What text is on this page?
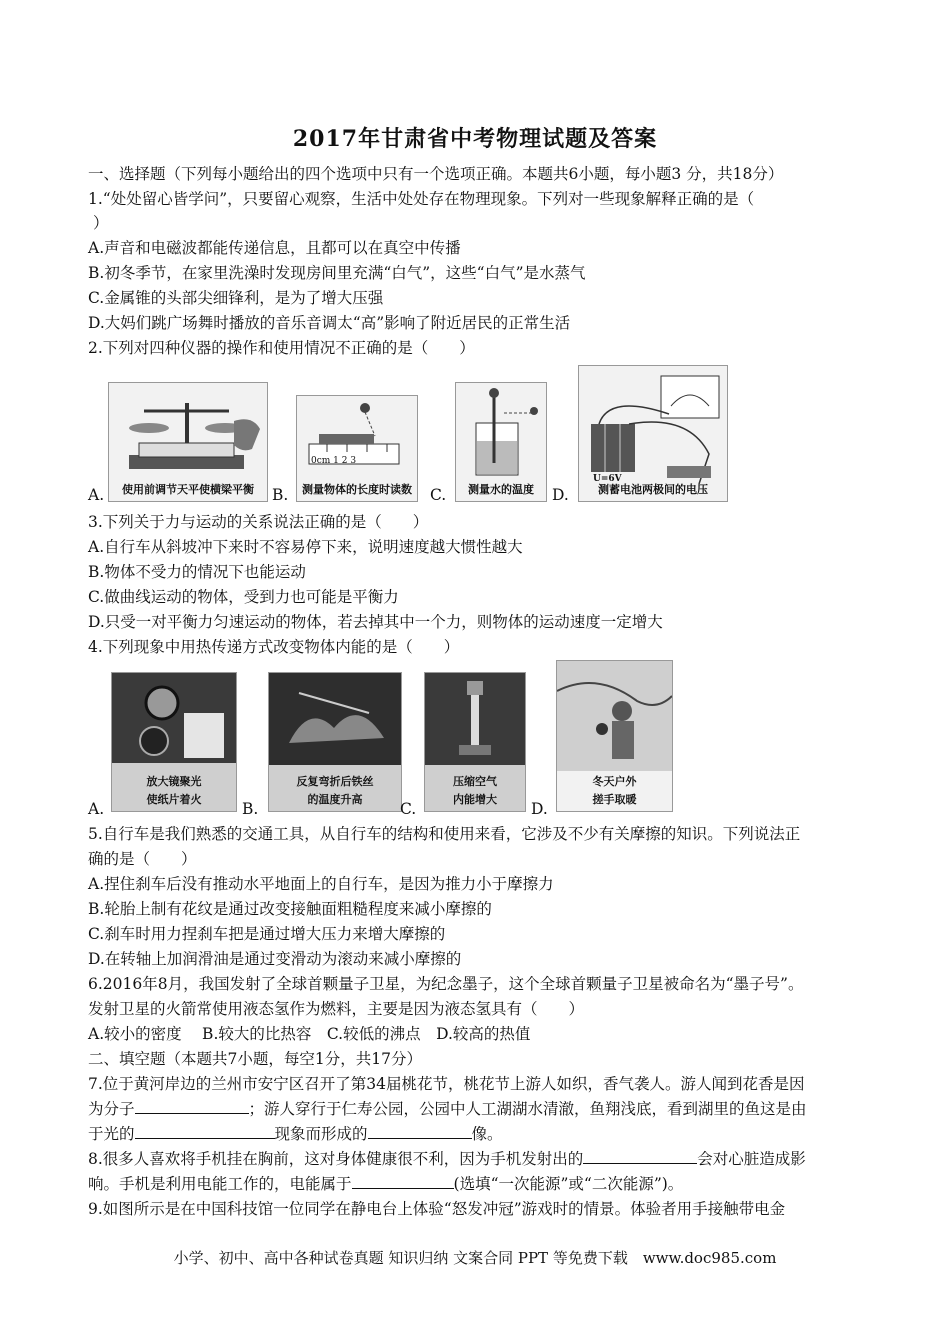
2017年甘肃省中考物理试题及答案
一、选择题（下列每小题给出的四个选项中只有一个选项正确。本题共6小题，每小题3 分，共18分）
1.“处处留心皆学问”，只要留心观察，生活中处处存在物理现象。下列对一些现象解释正确的是（
）
A.声音和电磁波都能传递信息，且都可以在真空中传播
B.初冬季节，在家里洗澡时发现房间里充满“白气”，这些“白气”是水蒸气
C.金属锥的头部尖细锋利，是为了增大压强
D.大妈们跳广场舞时播放的音乐音调太“高”影响了附近居民的正常生活
2.下列对四种仪器的操作和使用情况不正确的是（　　）
A.	使用前调节天平使横梁平衡	B.
0cm 1 2 3
测量物体的长度时读数	C.	测量水的温度	D.
U=6V
测蓄电池两极间的电压
3.下列关于力与运动的关系说法正确的是（　　）
A.自行车从斜坡冲下来时不容易停下来，说明速度越大惯性越大
B.物体不受力的情况下也能运动
C.做曲线运动的物体，受到力也可能是平衡力
D.只受一对平衡力匀速运动的物体，若去掉其中一个力，则物体的运动速度一定增大
4.下列现象中用热传递方式改变物体内能的是（　　）
A.
放大镜聚光
使纸片着火
B.
反复弯折后铁丝
的温度升高
C.
压缩空气
内能增大
D.
冬天户外
搓手取暖
5.自行车是我们熟悉的交通工具，从自行车的结构和使用来看，它涉及不少有关摩擦的知识。下列说法正
确的是（　　）
A.捏住刹车后没有推动水平地面上的自行车，是因为推力小于摩擦力
B.轮胎上制有花纹是通过改变接触面粗糙程度来减小摩擦的
C.刹车时用力捏刹车把是通过增大压力来增大摩擦的
D.在转轴上加润滑油是通过变滑动为滚动来减小摩擦的
6.2016年8月，我国发射了全球首颗量子卫星，为纪念墨子，这个全球首颗量子卫星被命名为“墨子号”。
发射卫星的火箭常使用液态氢作为燃料，主要是因为液态氢具有（　　）
A.较小的密度　 B.较大的比热容　C.较低的沸点　D.较高的热值
二、填空题（本题共7小题，每空1分，共17分）
7.位于黄河岸边的兰州市安宁区召开了第34届桃花节，桃花节上游人如织，香气袭人。游人闻到花香是因
为分子	；游人穿行于仁寿公园，公园中人工湖湖水清澈，鱼翔浅底，看到湖里的鱼这是由
于光的	现象而形成的	像。
8.很多人喜欢将手机挂在胸前，这对身体健康很不利，因为手机发射出的	会对心脏造成影
响。手机是利用电能工作的，电能属于	(选填“一次能源”或“二次能源”)。
9.如图所示是在中国科技馆一位同学在静电台上体验“怒发冲冠”游戏时的情景。体验者用手接触带电金
小学、初中、高中各种试卷真题 知识归纳 文案合同 PPT 等免费下载　www.doc985.com
